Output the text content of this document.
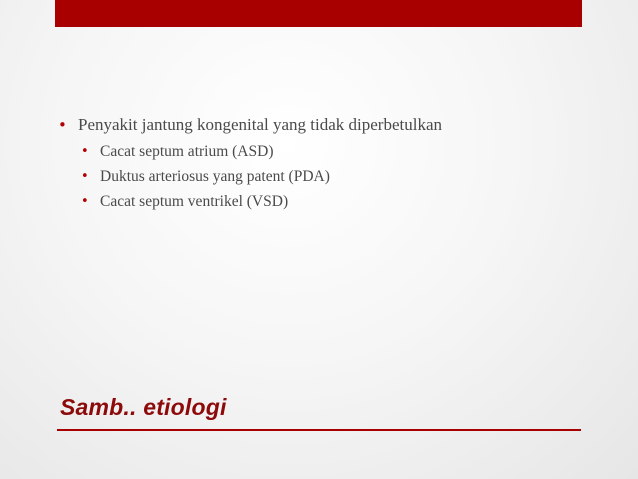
• Penyakit jantung kongenital yang tidak diperbetulkan
• Cacat septum atrium (ASD)
• Duktus arteriosus yang patent (PDA)
• Cacat septum ventrikel (VSD)
Samb.. etiologi
